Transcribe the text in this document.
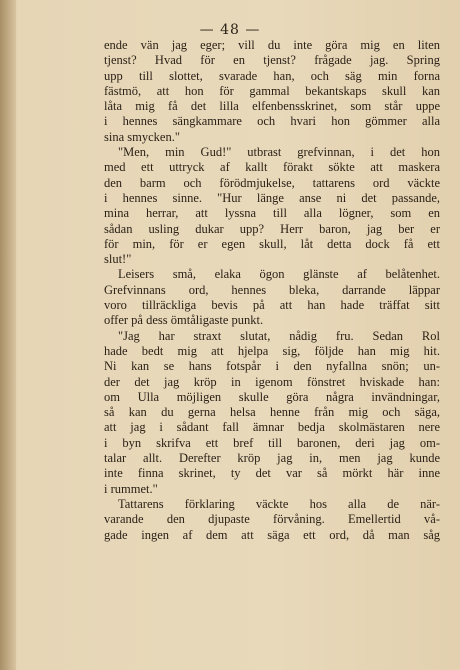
— 48 —
ende vän jag eger; vill du inte göra mig en liten
tjenst? Hvad för en tjenst? frågade jag. Spring
upp till slottet, svarade han, och säg min forna
fästmö, att hon för gammal bekantskaps skull kan
låta mig få det lilla elfenbensskrinet, som står uppe
i hennes sängkammare och hvari hon gömmer alla
sina smycken."
"Men, min Gud!" utbrast grefvinnan, i det hon
med ett uttryck af kallt förakt sökte att maskera
den barm och förödmjukelse, tattarens ord väckte
i hennes sinne. "Hur länge anse ni det passande,
mina herrar, att lyssna till alla lögner, som en
sådan usling dukar upp? Herr baron, jag ber er
för min, för er egen skull, låt detta dock få ett
slut!"
Leisers små, elaka ögon glänste af belåtenhet.
Grefvinnans ord, hennes bleka, darrande läppar
voro tillräckliga bevis på att han hade träffat sitt
offer på dess ömtåligaste punkt.
"Jag har straxt slutat, nådig fru. Sedan Rol
hade bedt mig att hjelpa sig, följde han mig hit.
Ni kan se hans fotspår i den nyfallna snön; un-
der det jag kröp in igenom fönstret hviskade han:
om Ulla möjligen skulle göra några invändningar,
så kan du gerna helsa henne från mig och säga,
att jag i sådant fall ämnar bedja skolmästaren nere
i byn skrifva ett bref till baronen, deri jag om-
talar allt. Derefter kröp jag in, men jag kunde
inte finna skrinet, ty det var så mörkt här inne
i rummet."
Tattarens förklaring väckte hos alla de när-
varande den djupaste förvåning. Emellertid vå-
gade ingen af dem att säga ett ord, då man såg
